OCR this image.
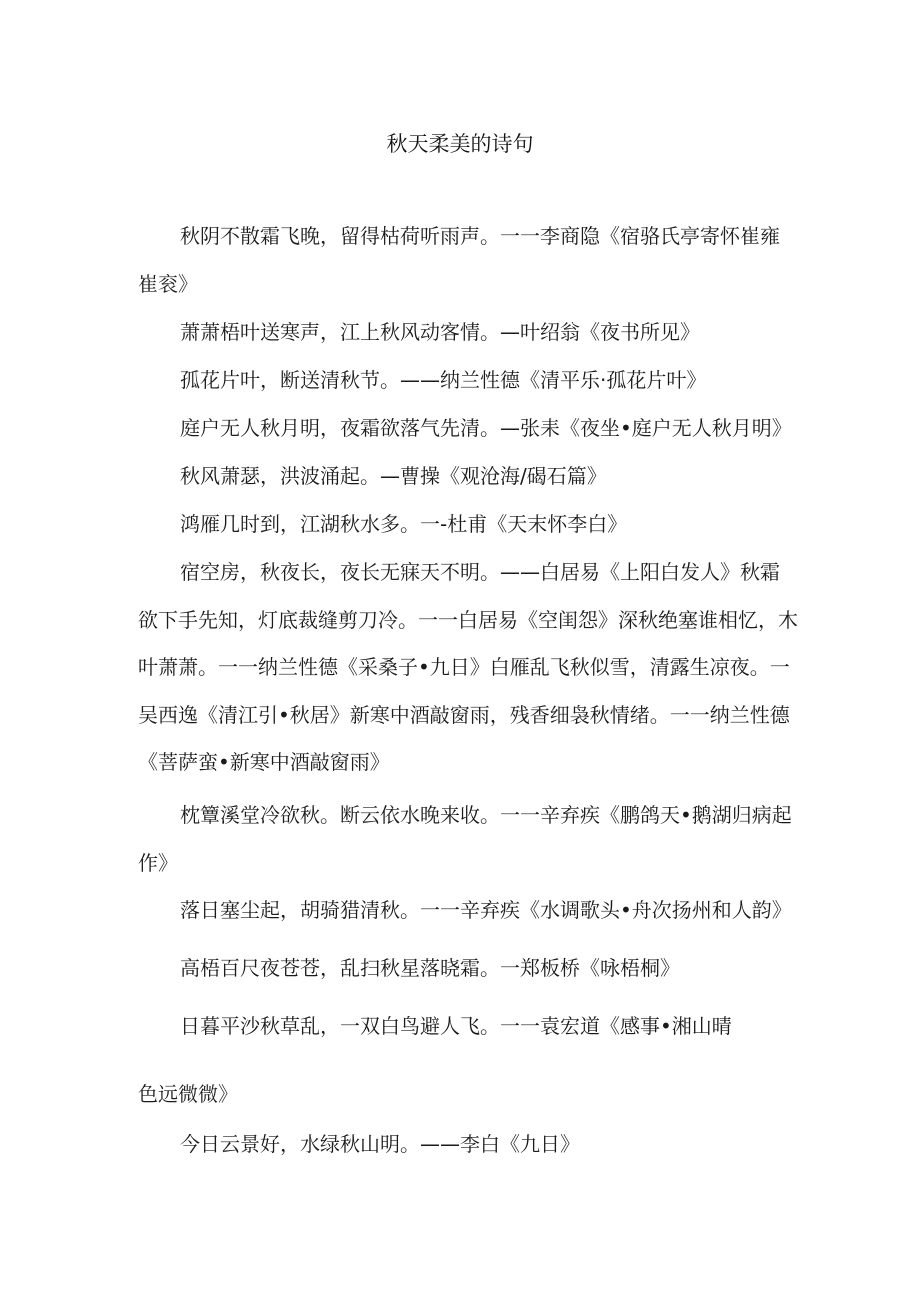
秋天柔美的诗句

秋阴不散霜飞晚，留得枯荷听雨声。一一李商隐《宿骆氏亭寄怀崔雍崔衮》

萧萧梧叶送寒声，江上秋风动客情。—叶绍翁《夜书所见》

孤花片叶，断送清秋节。——纳兰性德《清平乐·孤花片叶》

庭户无人秋月明，夜霜欲落气先清。—张耒《夜坐•庭户无人秋月明》

秋风萧瑟，洪波涌起。—曹操《观沧海/碣石篇》

鸿雁几时到，江湖秋水多。一-杜甫《天末怀李白》

宿空房，秋夜长，夜长无寐天不明。——白居易《上阳白发人》秋霜欲下手先知，灯底裁缝剪刀冷。一一白居易《空闺怨》深秋绝塞谁相忆，木叶萧萧。一一纳兰性德《采桑子•九日》白雁乱飞秋似雪，清露生凉夜。一吴西逸《清江引•秋居》新寒中酒敲窗雨，残香细袅秋情绪。一一纳兰性德《菩萨蛮•新寒中酒敲窗雨》

枕簟溪堂冷欲秋。断云依水晚来收。一一辛弃疾《鹏鸽天•鹅湖归病起作》

落日塞尘起，胡骑猎清秋。一一辛弃疾《水调歌头•舟次扬州和人韵》

高梧百尺夜苍苍，乱扫秋星落晓霜。一郑板桥《咏梧桐》

日暮平沙秋草乱，一双白鸟避人飞。一一袁宏道《感事•湘山晴

色远微微》

今日云景好，水绿秋山明。——李白《九日》
